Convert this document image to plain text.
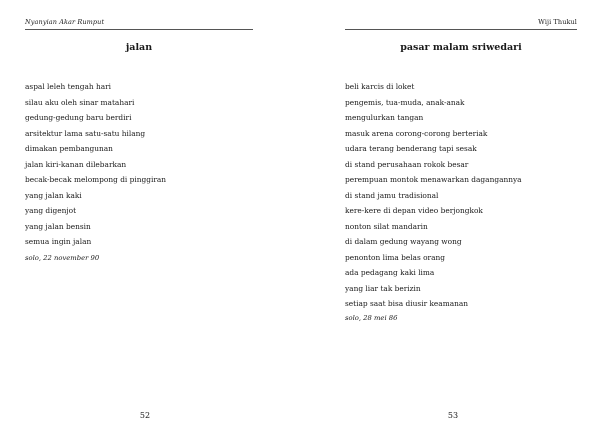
Nyanyian Akar Rumput
jalan
aspal leleh tengah hari
silau aku oleh sinar matahari
gedung-gedung baru berdiri
arsitektur lama satu-satu hilang
dimakan pembangunan
jalan kiri-kanan dilebarkan
becak-becak melompong di pinggiran
yang jalan kaki
yang digenjot
yang jalan bensin
semua ingin jalan
solo, 22 november 90
52
Wiji Thukul
pasar malam sriwedari
beli karcis di loket
pengemis, tua-muda, anak-anak
mengulurkan tangan
masuk arena corong-corong berteriak
udara terang benderang tapi sesak
di stand perusahaan rokok besar
perempuan montok menawarkan dagangannya
di stand jamu tradisional
kere-kere di depan video berjongkok
nonton silat mandarin
di dalam gedung wayang wong
penonton lima belas orang
ada pedagang kaki lima
yang liar tak berizin
setiap saat bisa diusir keamanan
solo, 28 mei 86
53
